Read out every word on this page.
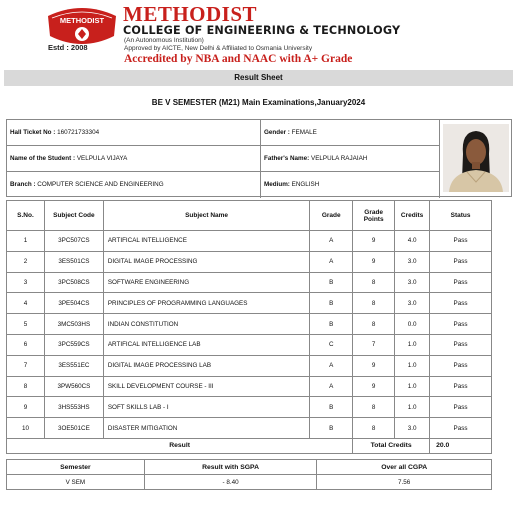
METHODIST
Estd : 2008
METHODIST
COLLEGE OF ENGINEERING & TECHNOLOGY
(An Autonomous Institution)
Approved by AICTE, New Delhi & Affiliated to Osmania University
Accredited by NBA and NAAC with A+ Grade
Result Sheet
BE V SEMESTER (M21) Main Examinations,January2024
Hall Ticket No : 160721733304	Gender : FEMALE
Name of the Student : VELPULA VIJAYA	Father's Name: VELPULA RAJAIAH
Branch : COMPUTER SCIENCE AND ENGINEERING	Medium: ENGLISH
S.No.	Subject Code	Subject Name	Grade	Grade Points	Credits	Status
1	3PC507CS	ARTIFICAL INTELLIGENCE	A	9	4.0	Pass
2	3ES501CS	DIGITAL IMAGE PROCESSING	A	9	3.0	Pass
3	3PC508CS	SOFTWARE ENGINEERING	B	8	3.0	Pass
4	3PE504CS	PRINCIPLES OF PROGRAMMING LANGUAGES	B	8	3.0	Pass
5	3MC503HS	INDIAN CONSTITUTION	B	8	0.0	Pass
6	3PC559CS	ARTIFICAL INTELLIGENCE LAB	C	7	1.0	Pass
7	3ES551EC	DIGITAL IMAGE PROCESSING LAB	A	9	1.0	Pass
8	3PW560CS	SKILL DEVELOPMENT COURSE - III	A	9	1.0	Pass
9	3HS553HS	SOFT SKILLS LAB - I	B	8	1.0	Pass
10	3OE501CE	DISASTER MITIGATION	B	8	3.0	Pass
Result				Total Credits		20.0
Semester	Result with SGPA	Over all CGPA
V SEM	- 8.40	7.56
